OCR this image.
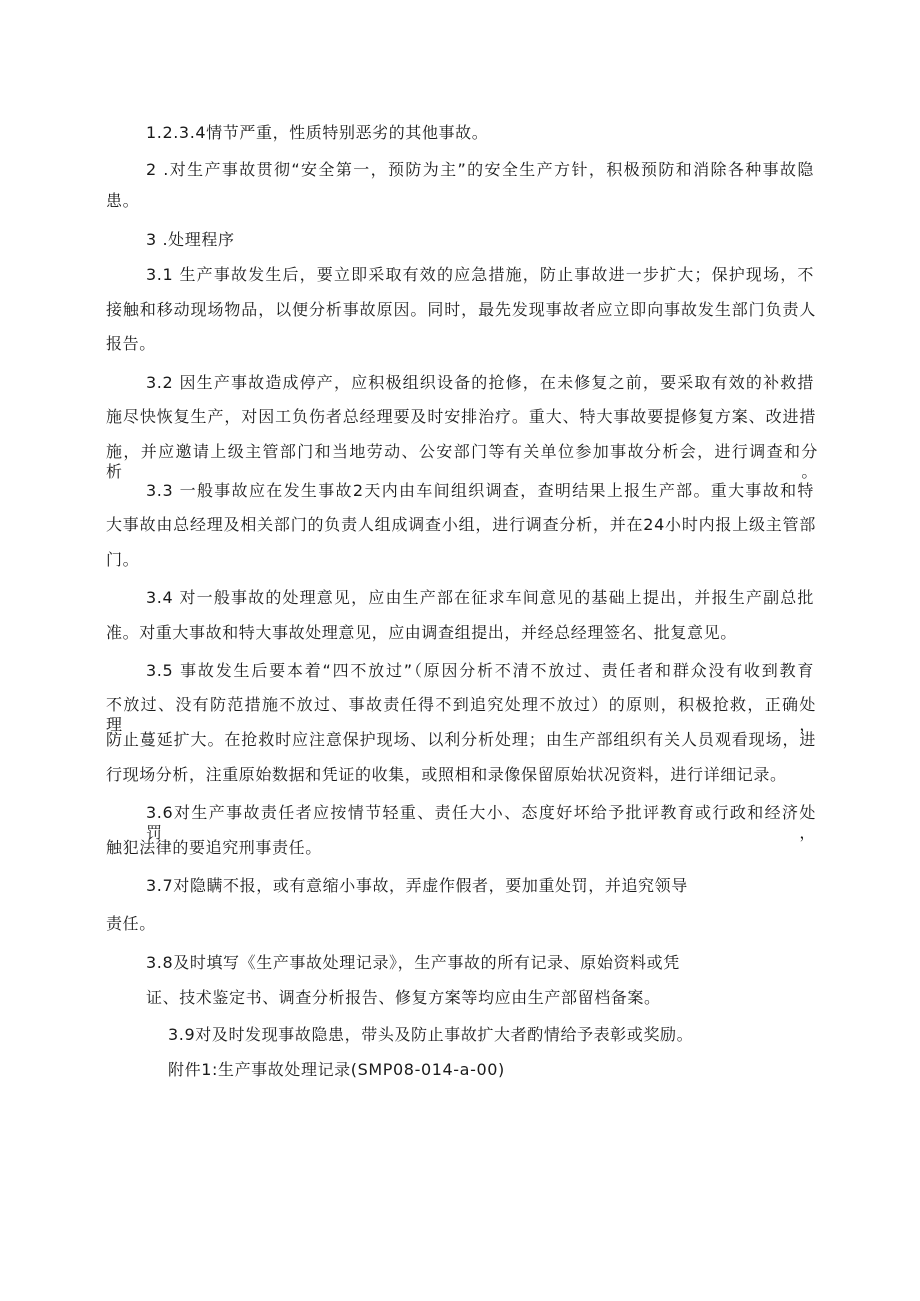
1.2.3.4情节严重，性质特别恶劣的其他事故。
2 .对生产事故贯彻“安全第一，预防为主”的安全生产方针，积极预防和消除各种事故隐
患。
3 .处理程序
3.1 生产事故发生后，要立即采取有效的应急措施，防止事故进一步扩大；保护现场，不
接触和移动现场物品，以便分析事故原因。同时，最先发现事故者应立即向事故发生部门负责人
报告。
3.2 因生产事故造成停产，应积极组织设备的抢修，在未修复之前，要采取有效的补救措
施尽快恢复生产，对因工负伤者总经理要及时安排治疗。重大、特大事故要提修复方案、改进措
施，并应邀请上级主管部门和当地劳动、公安部门等有关单位参加事故分析会，进行调查和分析。
3.3 一般事故应在发生事故2天内由车间组织调查，查明结果上报生产部。重大事故和特
大事故由总经理及相关部门的负责人组成调查小组，进行调查分析，并在24小时内报上级主管部
门。
3.4 对一般事故的处理意见，应由生产部在征求车间意见的基础上提出，并报生产副总批
准。对重大事故和特大事故处理意见，应由调查组提出，并经总经理签名、批复意见。
3.5 事故发生后要本着“四不放过”（原因分析不清不放过、责任者和群众没有收到教育
不放过、没有防范措施不放过、事故责任得不到追究处理不放过）的原则，积极抢救，正确处理，
防止蔓延扩大。在抢救时应注意保护现场、以利分析处理；由生产部组织有关人员观看现场，进
行现场分析，注重原始数据和凭证的收集，或照相和录像保留原始状况资料，进行详细记录。
3.6对生产事故责任者应按情节轻重、责任大小、态度好坏给予批评教育或行政和经济处罚，
触犯法律的要追究刑事责任。
3.7对隐瞒不报，或有意缩小事故，弄虚作假者，要加重处罚，并追究领导
责任。
3.8及时填写《生产事故处理记录》，生产事故的所有记录、原始资料或凭
证、技术鉴定书、调查分析报告、修复方案等均应由生产部留档备案。
3.9对及时发现事故隐患，带头及防止事故扩大者酌情给予表彰或奖励。
附件1:生产事故处理记录(SMP08-014-a-00)
